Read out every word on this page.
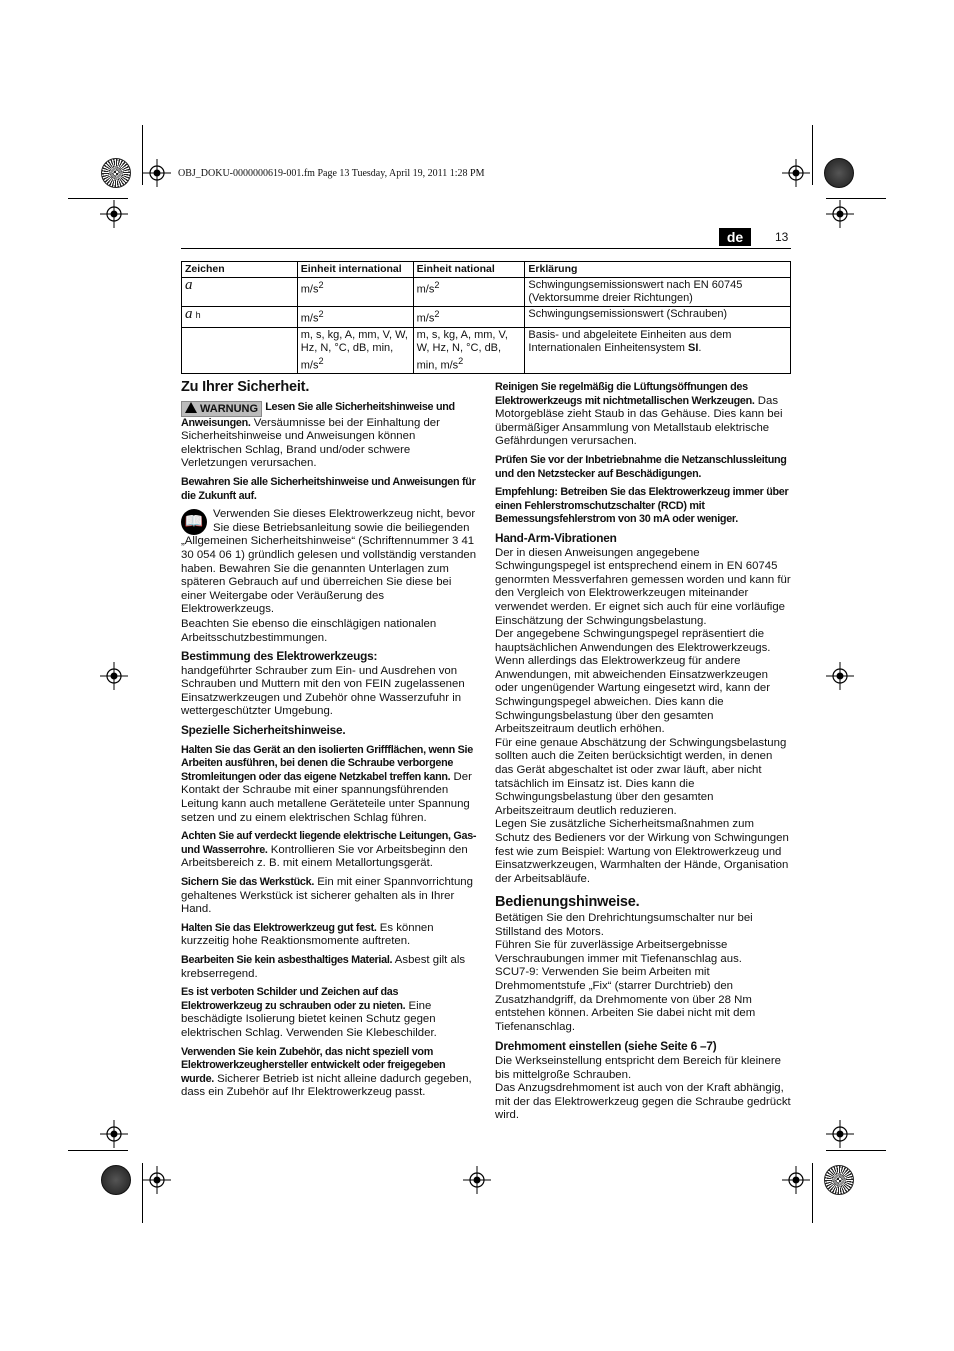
OBJ_DOKU-0000000619-001.fm Page 13 Tuesday, April 19, 2011 1:28 PM
de	13
Zeichen	Einheit international	Einheit national	Erklärung
a	$m/s^2$	$m/s^2$	Schwingungsemissionswert nach EN 60745 (Vektorsumme dreier Richtungen)
a h	$m/s^2$	$m/s^2$	Schwingungsemissionswert (Schrauben)
	m, s, kg, A, mm, V, W, Hz, N, °C, dB, min, $m/s^2$	m, s, kg, A, mm, V, W, Hz, N, °C, dB, min, $m/s^2$	Basis- und abgeleitete Einheiten aus dem Internationalen Einheitensystem SI.
Zu Ihrer Sicherheit.

WARNUNG Lesen Sie alle Sicherheitshinweise und Anweisungen. Versäumnisse bei der Einhaltung der Sicherheitshinweise und Anweisungen können elektrischen Schlag, Brand und/oder schwere Verletzungen verursachen.

Bewahren Sie alle Sicherheitshinweise und Anweisungen für die Zukunft auf.

📖 Verwenden Sie dieses Elektrowerkzeug nicht, bevor Sie diese Betriebsanleitung sowie die beiliegenden „Allgemeinen Sicherheitshinweise“ (Schriftennummer 3 41 30 054 06 1) gründlich gelesen und vollständig verstanden haben. Bewahren Sie die genannten Unterlagen zum späteren Gebrauch auf und überreichen Sie diese bei einer Weitergabe oder Veräußerung des Elektrowerkzeugs.

Beachten Sie ebenso die einschlägigen nationalen Arbeitsschutzbestimmungen.

Bestimmung des Elektrowerkzeugs:

handgeführter Schrauber zum Ein- und Ausdrehen von Schrauben und Muttern mit den von FEIN zugelassenen Einsatzwerkzeugen und Zubehör ohne Wasserzufuhr in wettergeschützter Umgebung.

Spezielle Sicherheitshinweise.

Halten Sie das Gerät an den isolierten Griffflächen, wenn Sie Arbeiten ausführen, bei denen die Schraube verborgene Stromleitungen oder das eigene Netzkabel treffen kann. Der Kontakt der Schraube mit einer spannungsführenden Leitung kann auch metallene Geräteteile unter Spannung setzen und zu einem elektrischen Schlag führen.

Achten Sie auf verdeckt liegende elektrische Leitungen, Gas- und Wasserrohre. Kontrollieren Sie vor Arbeitsbeginn den Arbeitsbereich z. B. mit einem Metallortungsgerät.

Sichern Sie das Werkstück. Ein mit einer Spannvorrichtung gehaltenes Werkstück ist sicherer gehalten als in Ihrer Hand.

Halten Sie das Elektrowerkzeug gut fest. Es können kurzzeitig hohe Reaktionsmomente auftreten.

Bearbeiten Sie kein asbesthaltiges Material. Asbest gilt als krebserregend.

Es ist verboten Schilder und Zeichen auf das Elektrowerkzeug zu schrauben oder zu nieten. Eine beschädigte Isolierung bietet keinen Schutz gegen elektrischen Schlag. Verwenden Sie Klebeschilder.

Verwenden Sie kein Zubehör, das nicht speziell vom Elektrowerkzeughersteller entwickelt oder freigegeben wurde. Sicherer Betrieb ist nicht alleine dadurch gegeben, dass ein Zubehör auf Ihr Elektrowerkzeug passt.

Reinigen Sie regelmäßig die Lüftungsöffnungen des Elektrowerkzeugs mit nichtmetallischen Werkzeugen. Das Motorgebläse zieht Staub in das Gehäuse. Dies kann bei übermäßiger Ansammlung von Metallstaub elektrische Gefährdungen verursachen.

Prüfen Sie vor der Inbetriebnahme die Netzanschlussleitung und den Netzstecker auf Beschädigungen.

Empfehlung: Betreiben Sie das Elektrowerkzeug immer über einen Fehlerstromschutzschalter (RCD) mit Bemessungsfehlerstrom von 30 mA oder weniger.

Hand-Arm-Vibrationen

Der in diesen Anweisungen angegebene Schwingungspegel ist entsprechend einem in EN 60745 genormten Messverfahren gemessen worden und kann für den Vergleich von Elektrowerkzeugen miteinander verwendet werden. Er eignet sich auch für eine vorläufige Einschätzung der Schwingungsbelastung.

Der angegebene Schwingungspegel repräsentiert die hauptsächlichen Anwendungen des Elektrowerkzeugs. Wenn allerdings das Elektrowerkzeug für andere Anwendungen, mit abweichenden Einsatzwerkzeugen oder ungenügender Wartung eingesetzt wird, kann der Schwingungspegel abweichen. Dies kann die Schwingungsbelastung über den gesamten Arbeitszeitraum deutlich erhöhen.

Für eine genaue Abschätzung der Schwingungsbelastung sollten auch die Zeiten berücksichtigt werden, in denen das Gerät abgeschaltet ist oder zwar läuft, aber nicht tatsächlich im Einsatz ist. Dies kann die Schwingungsbelastung über den gesamten Arbeitszeitraum deutlich reduzieren.

Legen Sie zusätzliche Sicherheitsmaßnahmen zum Schutz des Bedieners vor der Wirkung von Schwingungen fest wie zum Beispiel: Wartung von Elektrowerkzeug und Einsatzwerkzeugen, Warmhalten der Hände, Organisation der Arbeitsabläufe.

Bedienungshinweise.

Betätigen Sie den Drehrichtungsumschalter nur bei Stillstand des Motors.

Führen Sie für zuverlässige Arbeitsergebnisse Verschraubungen immer mit Tiefenanschlag aus.

SCU7-9: Verwenden Sie beim Arbeiten mit Drehmomentstufe „Fix“ (starrer Durchtrieb) den Zusatzhandgriff, da Drehmomente von über 28 Nm entstehen können. Arbeiten Sie dabei nicht mit dem Tiefenanschlag.

Drehmoment einstellen (siehe Seite 6 –7)

Die Werkseinstellung entspricht dem Bereich für kleinere bis mittelgroße Schrauben.

Das Anzugsdrehmoment ist auch von der Kraft abhängig, mit der das Elektrowerkzeug gegen die Schraube gedrückt wird.
